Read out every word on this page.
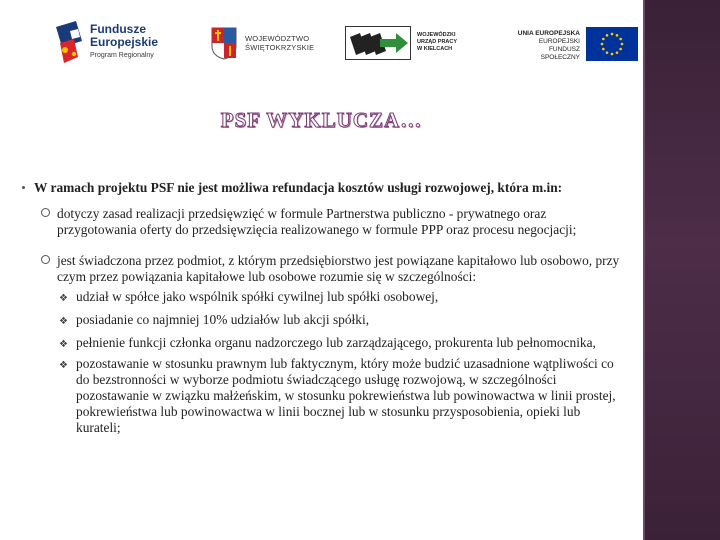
Fundusze
Europejskie
Program Regionalny
WOJEWÓDZTWO
ŚWIĘTOKRZYSKIE
WOJEWÓDZKI
URZĄD PRACY
W KIELCACH
UNIA EUROPEJSKA
EUROPEJSKI
FUNDUSZ SPOŁECZNY
PSF WYKLUCZA…
W ramach projektu PSF nie jest możliwa refundacja kosztów usługi rozwojowej, która m.in:
dotyczy zasad realizacji przedsięwzięć w formule Partnerstwa publiczno - prywatnego oraz przygotowania oferty do przedsięwzięcia realizowanego w formule PPP oraz procesu negocjacji;
jest świadczona przez podmiot, z którym przedsiębiorstwo jest powiązane kapitałowo lub osobowo, przy czym przez powiązania kapitałowe lub osobowe rozumie się w szczególności:
❖ udział w spółce jako wspólnik spółki cywilnej lub spółki osobowej,
❖ posiadanie co najmniej 10% udziałów lub akcji spółki,
❖ pełnienie funkcji członka organu nadzorczego lub zarządzającego, prokurenta lub pełnomocnika,
❖ pozostawanie w stosunku prawnym lub faktycznym, który może budzić uzasadnione wątpliwości co do bezstronności w wyborze podmiotu świadczącego usługę rozwojową, w szczególności pozostawanie w związku małżeńskim, w stosunku pokrewieństwa lub powinowactwa w linii prostej, pokrewieństwa lub powinowactwa w linii bocznej lub w stosunku przysposobienia, opieki lub kurateli;
